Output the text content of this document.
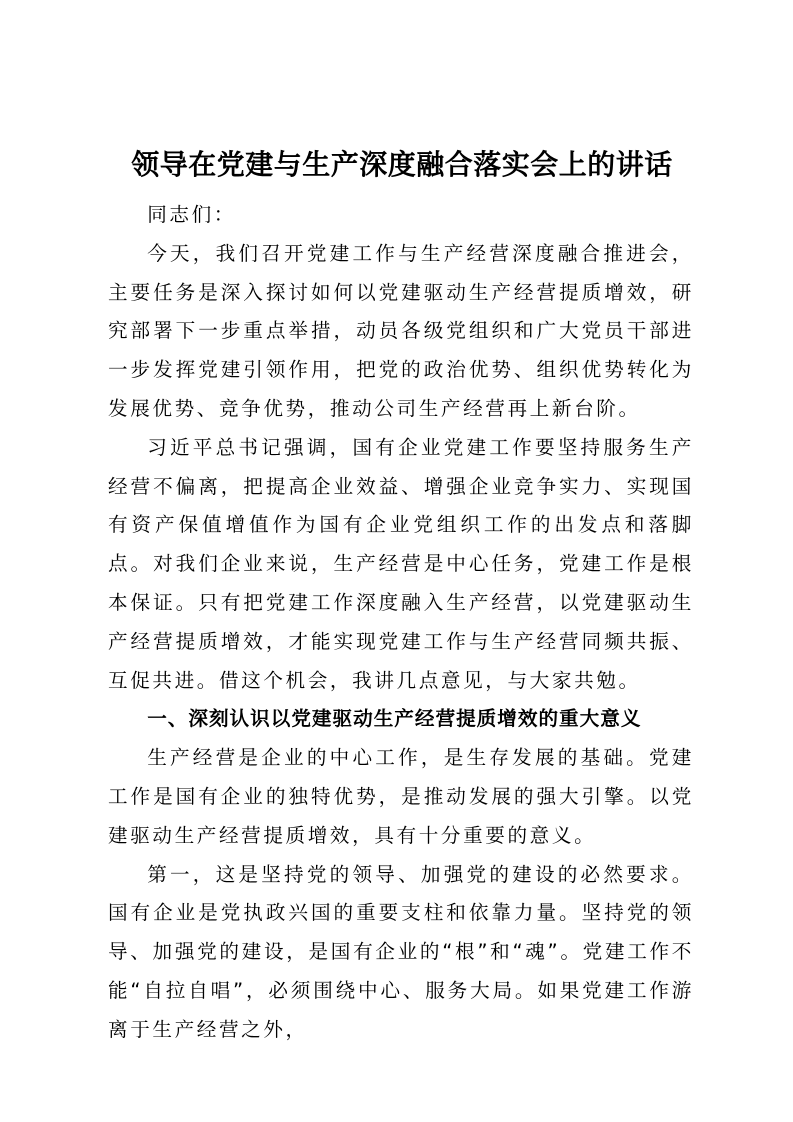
领导在党建与生产深度融合落实会上的讲话

同志们：

今天，我们召开党建工作与生产经营深度融合推进会，主要任务是深入探讨如何以党建驱动生产经营提质增效，研究部署下一步重点举措，动员各级党组织和广大党员干部进一步发挥党建引领作用，把党的政治优势、组织优势转化为发展优势、竞争优势，推动公司生产经营再上新台阶。

习近平总书记强调，国有企业党建工作要坚持服务生产经营不偏离，把提高企业效益、增强企业竞争实力、实现国有资产保值增值作为国有企业党组织工作的出发点和落脚点。对我们企业来说，生产经营是中心任务，党建工作是根本保证。只有把党建工作深度融入生产经营，以党建驱动生产经营提质增效，才能实现党建工作与生产经营同频共振、互促共进。借这个机会，我讲几点意见，与大家共勉。

一、深刻认识以党建驱动生产经营提质增效的重大意义

生产经营是企业的中心工作，是生存发展的基础。党建工作是国有企业的独特优势，是推动发展的强大引擎。以党建驱动生产经营提质增效，具有十分重要的意义。

第一，这是坚持党的领导、加强党的建设的必然要求。 国有企业是党执政兴国的重要支柱和依靠力量。坚持党的领导、加强党的建设，是国有企业的“根”和“魂”。党建工作不能“自拉自唱”，必须围绕中心、服务大局。如果党建工作游离于生产经营之外，
